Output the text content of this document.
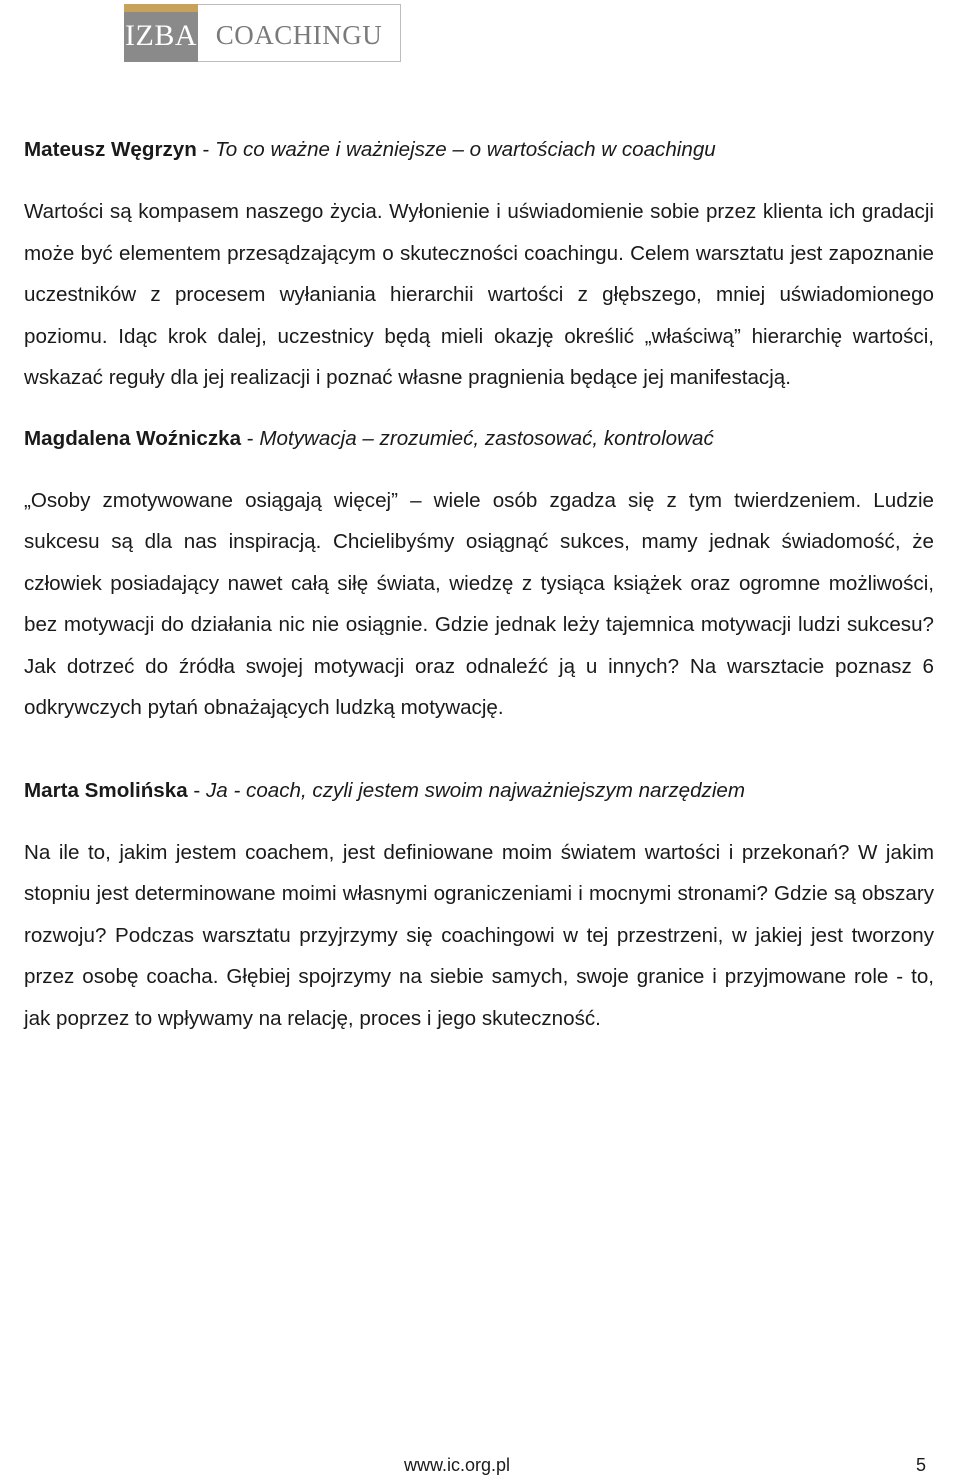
IZBA COACHINGU

Mateusz Węgrzyn - To co ważne i ważniejsze – o wartościach w coachingu

Wartości są kompasem naszego życia. Wyłonienie i uświadomienie sobie przez klienta ich gradacji może być elementem przesądzającym o skuteczności coachingu. Celem warsztatu jest zapoznanie uczestników z procesem wyłaniania hierarchii wartości z głębszego, mniej uświadomionego poziomu. Idąc krok dalej, uczestnicy będą mieli okazję określić „właściwą” hierarchię wartości, wskazać reguły dla jej realizacji i poznać własne pragnienia będące jej manifestacją.

Magdalena Woźniczka - Motywacja – zrozumieć, zastosować, kontrolować

„Osoby zmotywowane osiągają więcej” – wiele osób zgadza się z tym twierdzeniem. Ludzie sukcesu są dla nas inspiracją. Chcielibyśmy osiągnąć sukces, mamy jednak świadomość, że człowiek posiadający nawet całą siłę świata, wiedzę z tysiąca książek oraz ogromne możliwości, bez motywacji do działania nic nie osiągnie. Gdzie jednak leży tajemnica motywacji ludzi sukcesu? Jak dotrzeć do źródła swojej motywacji oraz odnaleźć ją u innych? Na warsztacie poznasz 6 odkrywczych pytań obnażających ludzką motywację.

Marta Smolińska - Ja - coach, czyli jestem swoim najważniejszym narzędziem

Na ile to, jakim jestem coachem, jest definiowane moim światem wartości i przekonań? W jakim stopniu jest determinowane moimi własnymi ograniczeniami i mocnymi stronami? Gdzie są obszary rozwoju? Podczas warsztatu przyjrzymy się coachingowi w tej przestrzeni, w jakiej jest tworzony przez osobę coacha. Głębiej spojrzymy na siebie samych, swoje granice i przyjmowane role - to, jak poprzez to wpływamy na relację, proces i jego skuteczność.

www.ic.org.pl	5
